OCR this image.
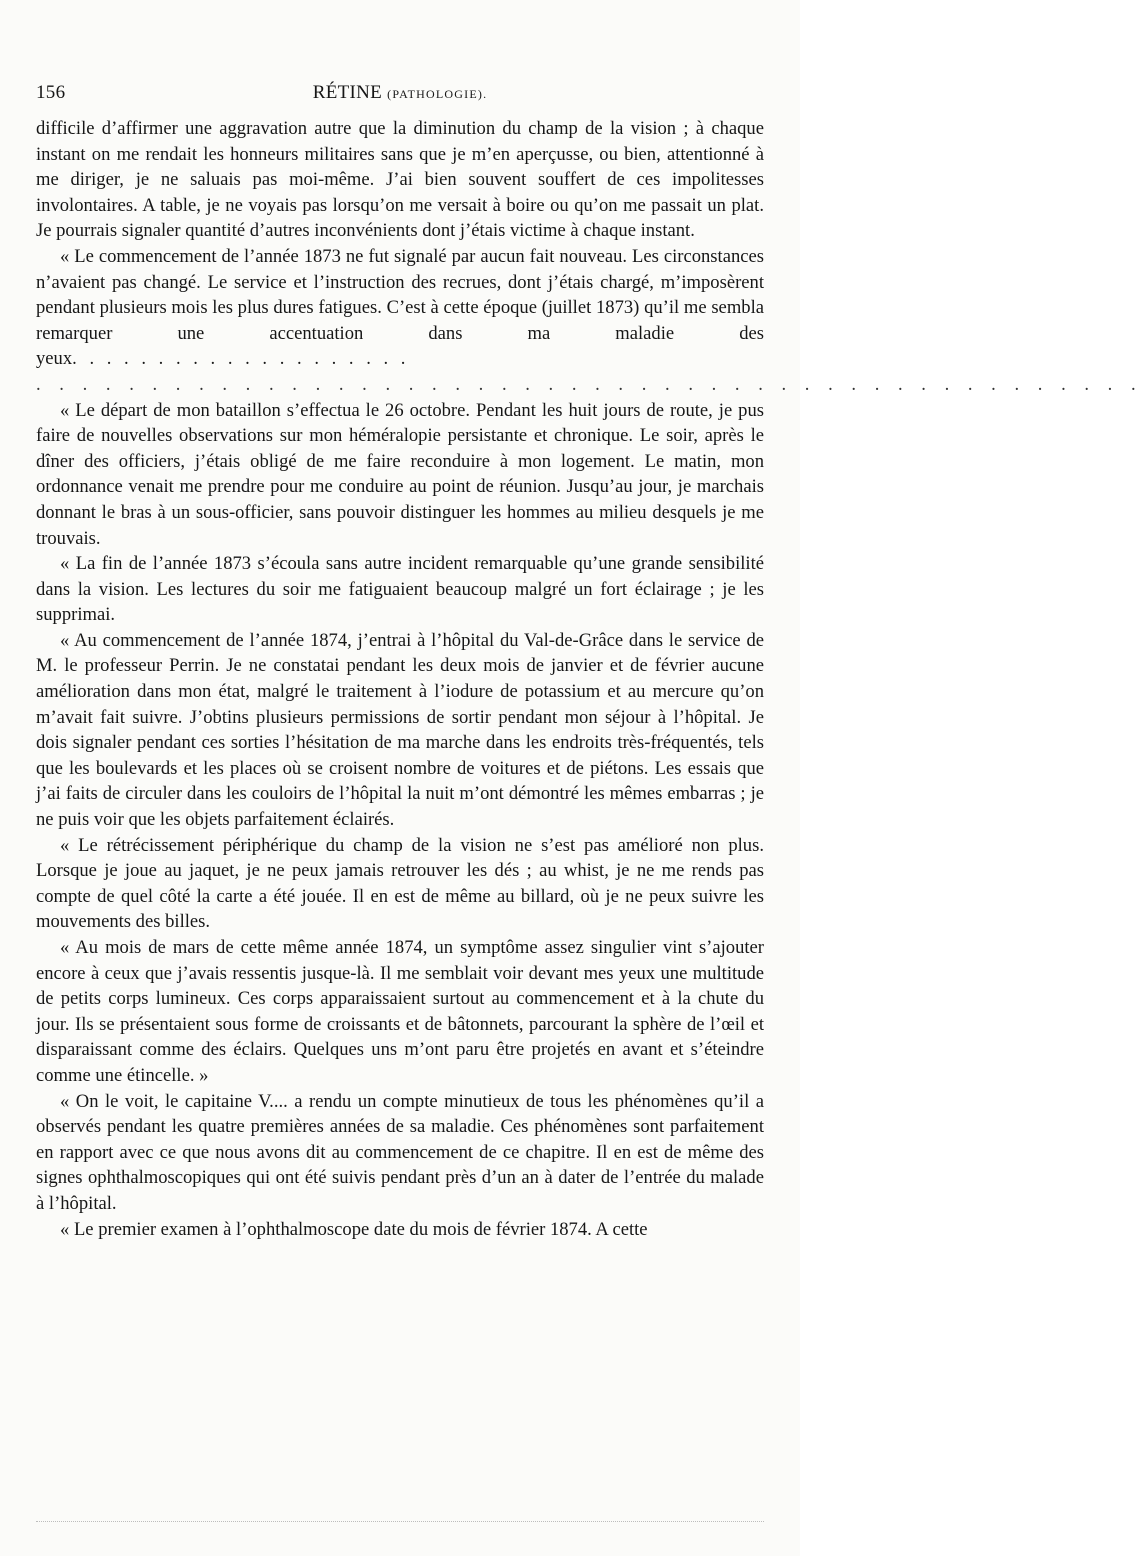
156	RÉTINE (PATHOLOGIE).

difficile d’affirmer une aggravation autre que la diminution du champ de la vision ; à chaque instant on me rendait les honneurs militaires sans que je m’en aperçusse, ou bien, attentionné à me diriger, je ne saluais pas moi-même. J’ai bien souvent souffert de ces impolitesses involontaires. A table, je ne voyais pas lorsqu’on me versait à boire ou qu’on me passait un plat. Je pourrais signaler quantité d’autres inconvénients dont j’étais victime à chaque instant.

« Le commencement de l’année 1873 ne fut signalé par aucun fait nouveau. Les circonstances n’avaient pas changé. Le service et l’instruction des recrues, dont j’étais chargé, m’imposèrent pendant plusieurs mois les plus dures fatigues. C’est à cette époque (juillet 1873) qu’il me sembla remarquer une accentuation dans ma maladie des yeux. . . . . . . . . . . . . . . . . . . .

. . . . . . . . . . . . . . . . . . . . . . . . . . . . . . . . . . . . . . . . . . . . . . . .

« Le départ de mon bataillon s’effectua le 26 octobre. Pendant les huit jours de route, je pus faire de nouvelles observations sur mon héméralopie persistante et chronique. Le soir, après le dîner des officiers, j’étais obligé de me faire reconduire à mon logement. Le matin, mon ordonnance venait me prendre pour me conduire au point de réunion. Jusqu’au jour, je marchais donnant le bras à un sous-officier, sans pouvoir distinguer les hommes au milieu desquels je me trouvais.

« La fin de l’année 1873 s’écoula sans autre incident remarquable qu’une grande sensibilité dans la vision. Les lectures du soir me fatiguaient beaucoup malgré un fort éclairage ; je les supprimai.

« Au commencement de l’année 1874, j’entrai à l’hôpital du Val-de-Grâce dans le service de M. le professeur Perrin. Je ne constatai pendant les deux mois de janvier et de février aucune amélioration dans mon état, malgré le traitement à l’iodure de potassium et au mercure qu’on m’avait fait suivre. J’obtins plusieurs permissions de sortir pendant mon séjour à l’hôpital. Je dois signaler pendant ces sorties l’hésitation de ma marche dans les endroits très-fréquentés, tels que les boulevards et les places où se croisent nombre de voitures et de piétons. Les essais que j’ai faits de circuler dans les couloirs de l’hôpital la nuit m’ont démontré les mêmes embarras ; je ne puis voir que les objets parfaitement éclairés.

« Le rétrécissement périphérique du champ de la vision ne s’est pas amélioré non plus. Lorsque je joue au jaquet, je ne peux jamais retrouver les dés ; au whist, je ne me rends pas compte de quel côté la carte a été jouée. Il en est de même au billard, où je ne peux suivre les mouvements des billes.

« Au mois de mars de cette même année 1874, un symptôme assez singulier vint s’ajouter encore à ceux que j’avais ressentis jusque-là. Il me semblait voir devant mes yeux une multitude de petits corps lumineux. Ces corps apparaissaient surtout au commencement et à la chute du jour. Ils se présentaient sous forme de croissants et de bâtonnets, parcourant la sphère de l’œil et disparaissant comme des éclairs. Quelques uns m’ont paru être projetés en avant et s’éteindre comme une étincelle. »

« On le voit, le capitaine V.... a rendu un compte minutieux de tous les phénomènes qu’il a observés pendant les quatre premières années de sa maladie. Ces phénomènes sont parfaitement en rapport avec ce que nous avons dit au commencement de ce chapitre. Il en est de même des signes ophthalmoscopiques qui ont été suivis pendant près d’un an à dater de l’entrée du malade à l’hôpital.

« Le premier examen à l’ophthalmoscope date du mois de février 1874. A cette
